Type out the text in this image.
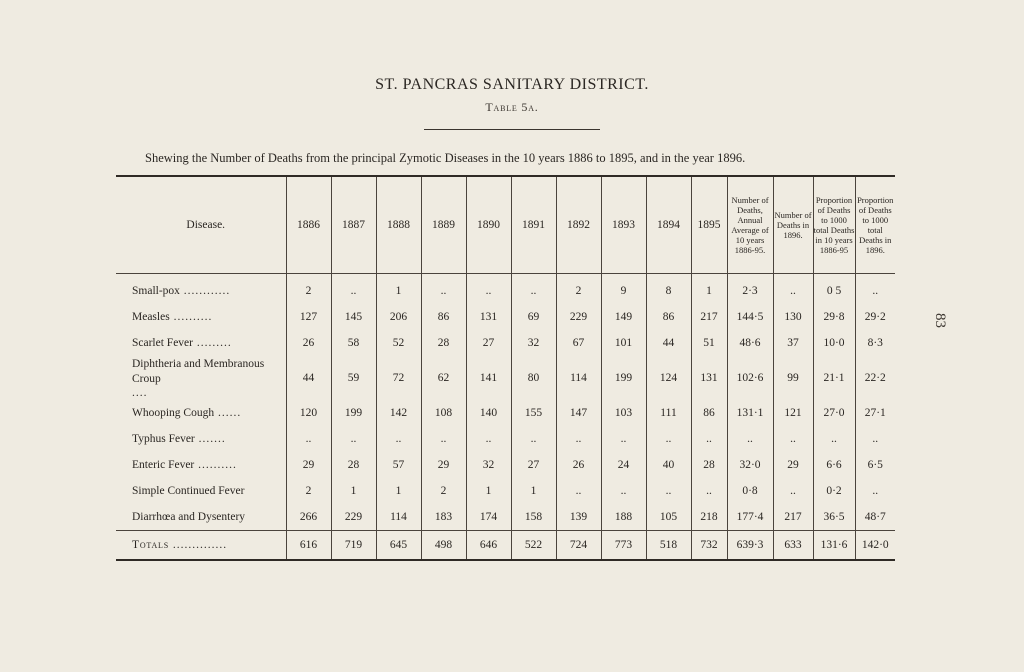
83
ST. PANCRAS SANITARY DISTRICT.
Table 5a.
Shewing the Number of Deaths from the principal Zymotic Diseases in the 10 years 1886 to 1895, and in the year 1896.
Disease.	1886	1887	1888	1889	1890	1891	1892	1893	1894	1895	Number of Deaths, Annual Average of 10 years 1886-95.	Number of Deaths in 1896.	Proportion of Deaths to 1000 total Deaths in 10 years 1886-95	Proportion of Deaths to 1000 total Deaths in 1896.
Small-pox ............	2	..	1	..	..	..	2	9	8	1	2·3	..	0 5	..
Measles ..........	127	145	206	86	131	69	229	149	86	217	144·5	130	29·8	29·2
Scarlet Fever .........	26	58	52	28	27	32	67	101	44	51	48·6	37	10·0	8·3
Diphtheria and Membranous Croup ....	44	59	72	62	141	80	114	199	124	131	102·6	99	21·1	22·2
Whooping Cough ......	120	199	142	108	140	155	147	103	111	86	131·1	121	27·0	27·1
Typhus Fever .......	..	..	..	..	..	..	..	..	..	..	..	..	..	..
Enteric Fever ..........	29	28	57	29	32	27	26	24	40	28	32·0	29	6·6	6·5
Simple Continued Fever	2	1	1	2	1	1	..	..	..	..	0·8	..	0·2	..
Diarrhœa and Dysentery	266	229	114	183	174	158	139	188	105	218	177·4	217	36·5	48·7
Totals ..............	616	719	645	498	646	522	724	773	518	732	639·3	633	131·6	142·0
